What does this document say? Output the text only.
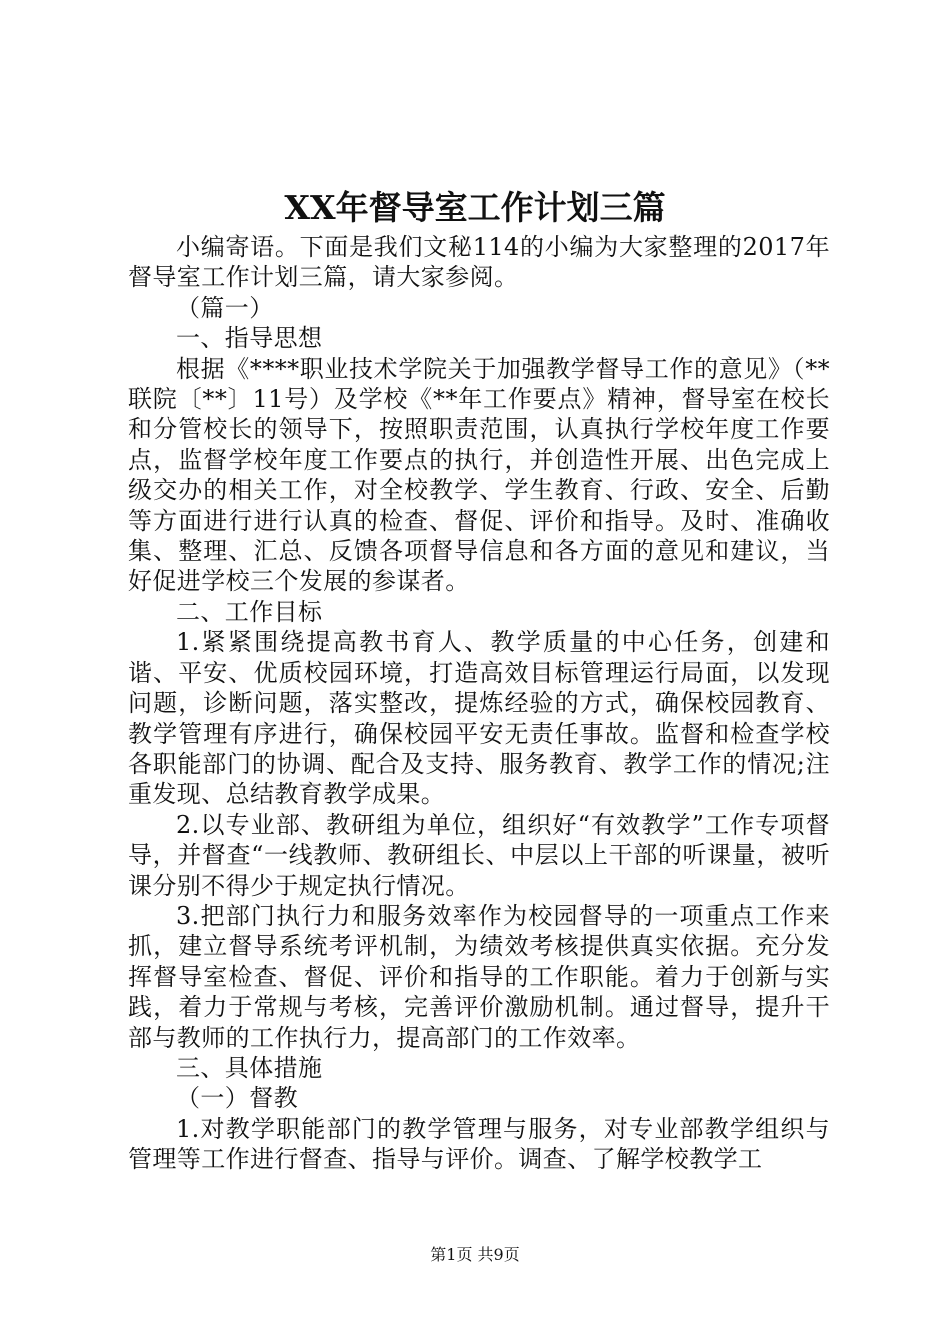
XX年督导室工作计划三篇

小编寄语。下面是我们文秘114的小编为大家整理的2017年督导室工作计划三篇，请大家参阅。

（篇一）

一、指导思想

根据《****职业技术学院关于加强教学督导工作的意见》（**联院〔**〕11号）及学校《**年工作要点》精神，督导室在校长和分管校长的领导下，按照职责范围，认真执行学校年度工作要点，监督学校年度工作要点的执行，并创造性开展、出色完成上级交办的相关工作，对全校教学、学生教育、行政、安全、后勤等方面进行进行认真的检查、督促、评价和指导。及时、准确收集、整理、汇总、反馈各项督导信息和各方面的意见和建议，当好促进学校三个发展的参谋者。

二、工作目标

1.紧紧围绕提高教书育人、教学质量的中心任务，创建和谐、平安、优质校园环境，打造高效目标管理运行局面，以发现问题，诊断问题，落实整改，提炼经验的方式，确保校园教育、教学管理有序进行，确保校园平安无责任事故。监督和检查学校各职能部门的协调、配合及支持、服务教育、教学工作的情况;注重发现、总结教育教学成果。

2.以专业部、教研组为单位，组织好“有效教学”工作专项督导，并督查“一线教师、教研组长、中层以上干部的听课量，被听课分别不得少于规定执行情况。

3.把部门执行力和服务效率作为校园督导的一项重点工作来抓，建立督导系统考评机制，为绩效考核提供真实依据。充分发挥督导室检查、督促、评价和指导的工作职能。着力于创新与实践，着力于常规与考核，完善评价激励机制。通过督导，提升干部与教师的工作执行力，提高部门的工作效率。

三、具体措施

（一）督教

1.对教学职能部门的教学管理与服务，对专业部教学组织与管理等工作进行督查、指导与评价。调查、了解学校教学工

第1页 共9页
